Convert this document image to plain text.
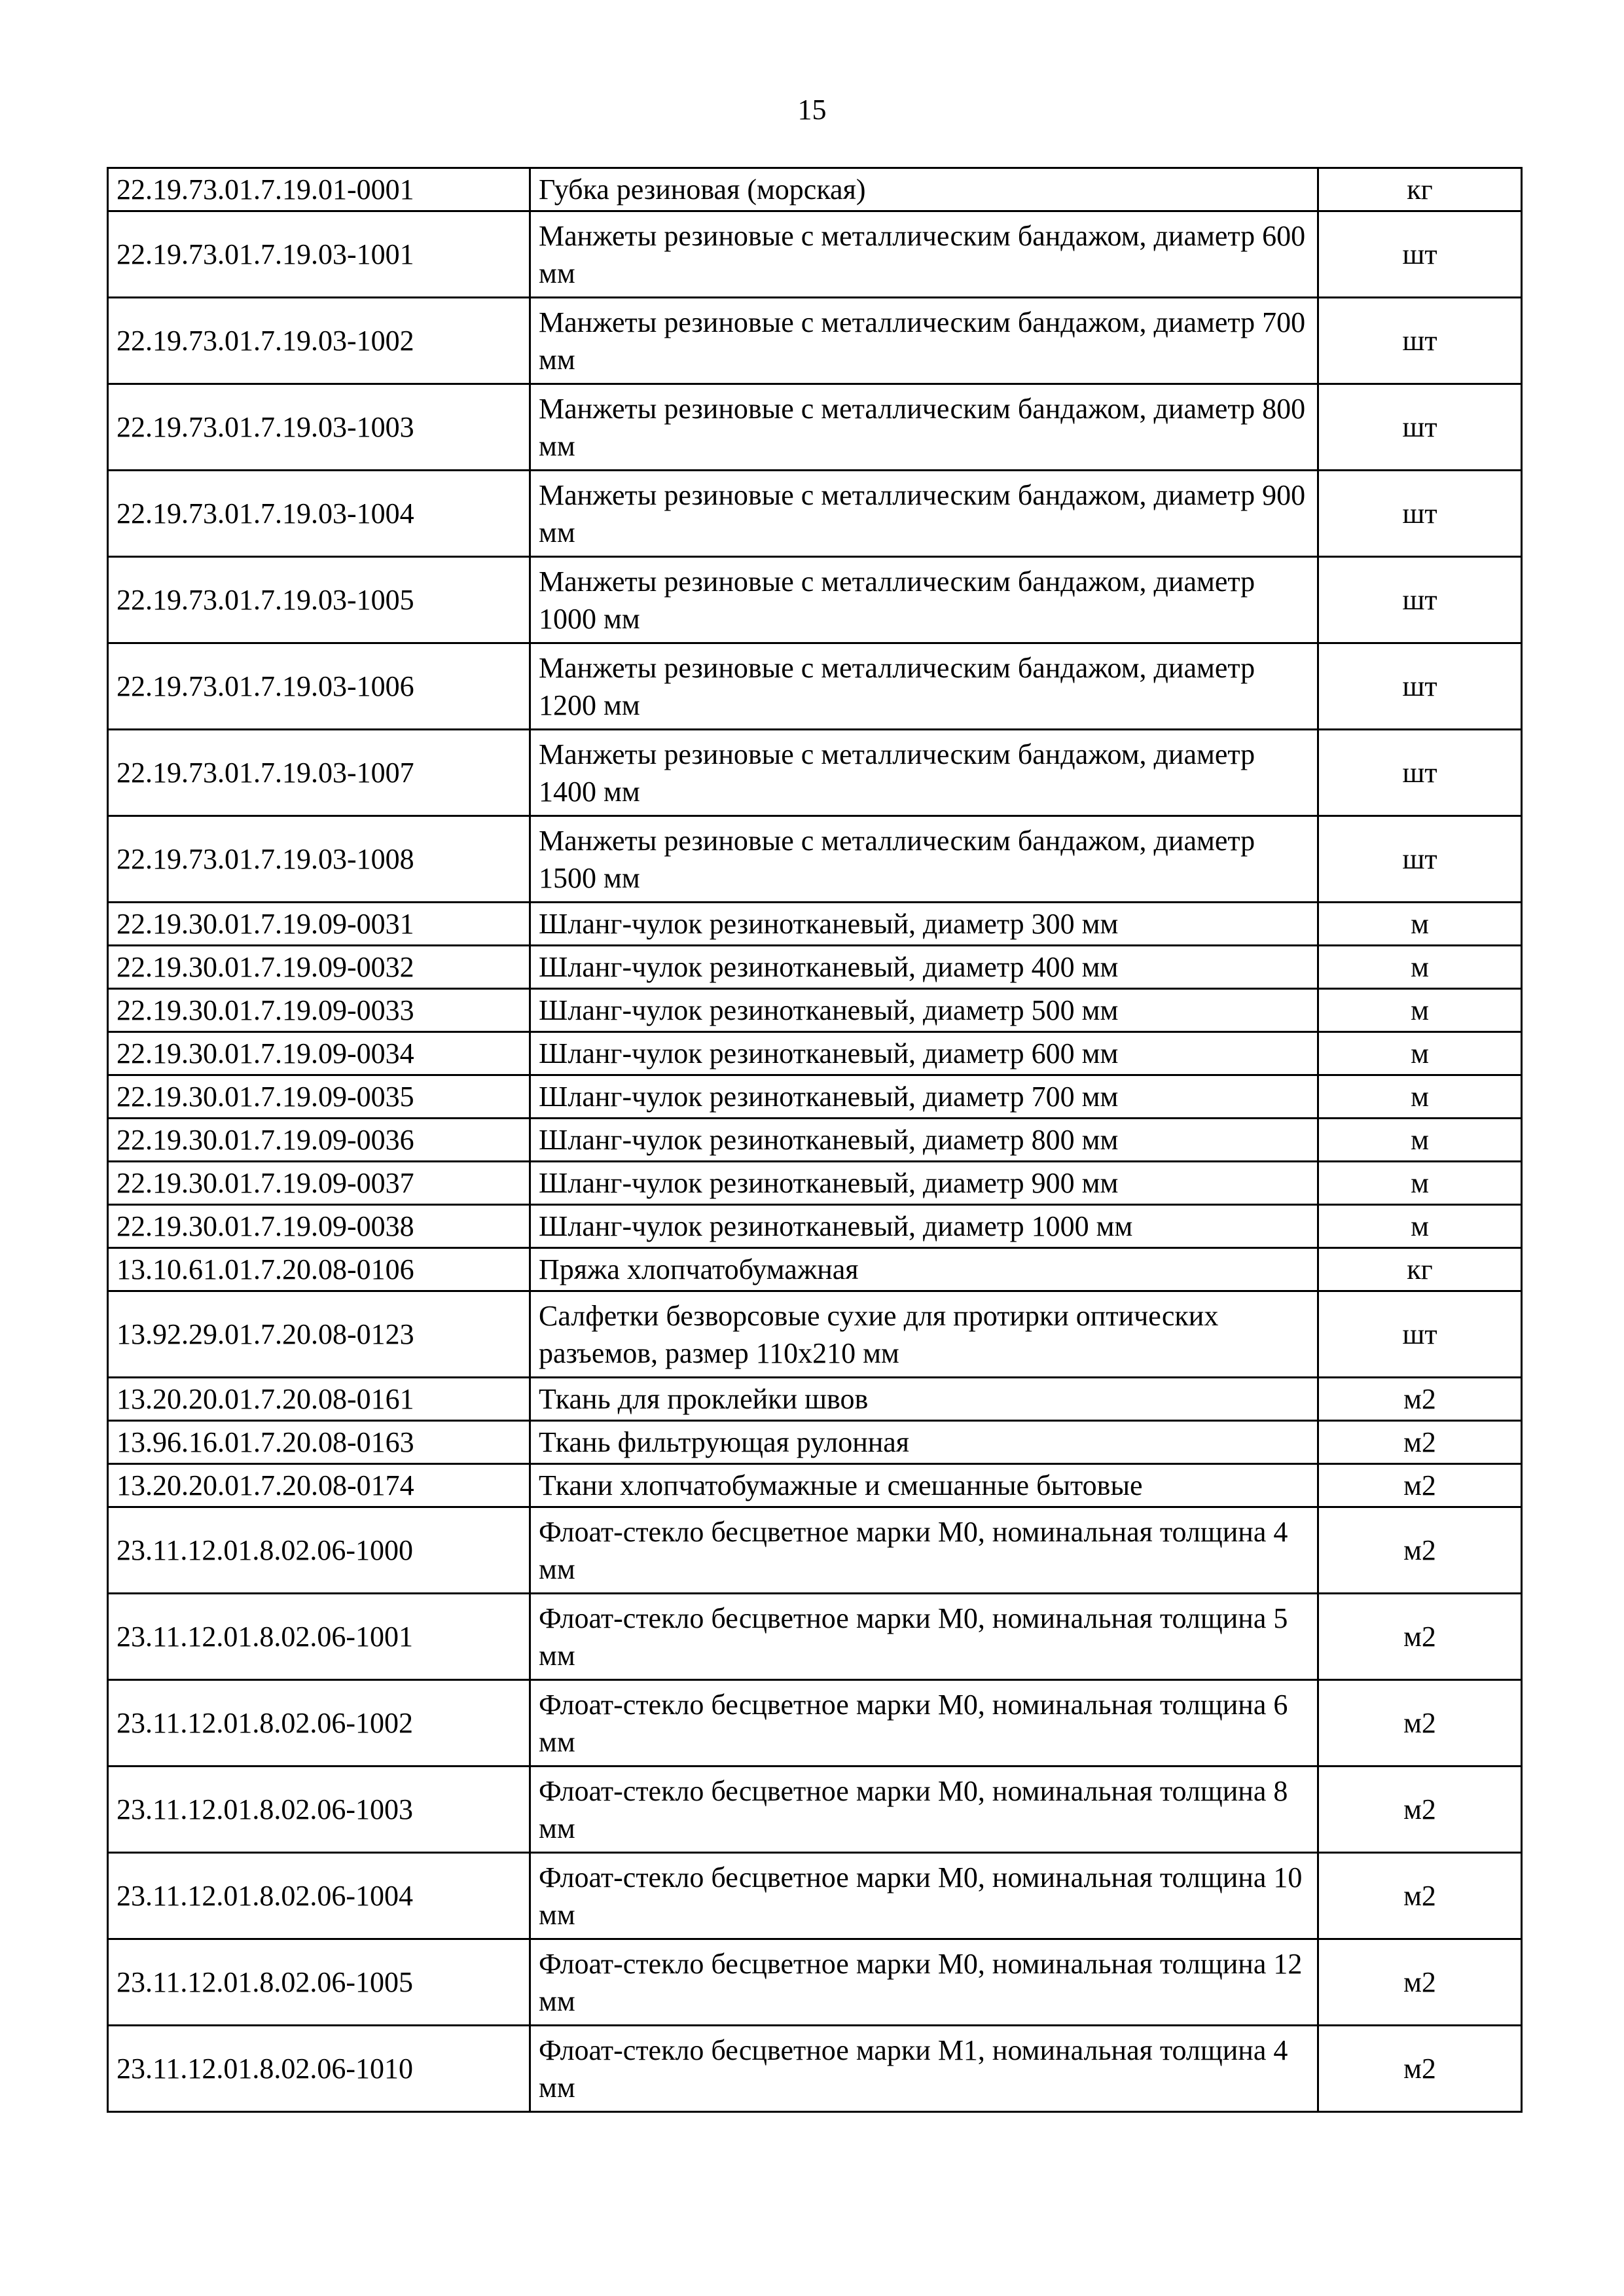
15
22.19.73.01.7.19.01-0001	Губка резиновая (морская)	кг
22.19.73.01.7.19.03-1001	Манжеты резиновые с металлическим бандажом, диаметр 600 мм	шт
22.19.73.01.7.19.03-1002	Манжеты резиновые с металлическим бандажом, диаметр 700 мм	шт
22.19.73.01.7.19.03-1003	Манжеты резиновые с металлическим бандажом, диаметр 800 мм	шт
22.19.73.01.7.19.03-1004	Манжеты резиновые с металлическим бандажом, диаметр 900 мм	шт
22.19.73.01.7.19.03-1005	Манжеты резиновые с металлическим бандажом, диаметр 1000 мм	шт
22.19.73.01.7.19.03-1006	Манжеты резиновые с металлическим бандажом, диаметр 1200 мм	шт
22.19.73.01.7.19.03-1007	Манжеты резиновые с металлическим бандажом, диаметр 1400 мм	шт
22.19.73.01.7.19.03-1008	Манжеты резиновые с металлическим бандажом, диаметр 1500 мм	шт
22.19.30.01.7.19.09-0031	Шланг-чулок резинотканевый, диаметр 300 мм	м
22.19.30.01.7.19.09-0032	Шланг-чулок резинотканевый, диаметр 400 мм	м
22.19.30.01.7.19.09-0033	Шланг-чулок резинотканевый, диаметр 500 мм	м
22.19.30.01.7.19.09-0034	Шланг-чулок резинотканевый, диаметр 600 мм	м
22.19.30.01.7.19.09-0035	Шланг-чулок резинотканевый, диаметр 700 мм	м
22.19.30.01.7.19.09-0036	Шланг-чулок резинотканевый, диаметр 800 мм	м
22.19.30.01.7.19.09-0037	Шланг-чулок резинотканевый, диаметр 900 мм	м
22.19.30.01.7.19.09-0038	Шланг-чулок резинотканевый, диаметр 1000 мм	м
13.10.61.01.7.20.08-0106	Пряжа хлопчатобумажная	кг
13.92.29.01.7.20.08-0123	Салфетки безворсовые сухие для протирки оптических разъемов, размер 110х210 мм	шт
13.20.20.01.7.20.08-0161	Ткань для проклейки швов	м2
13.96.16.01.7.20.08-0163	Ткань фильтрующая рулонная	м2
13.20.20.01.7.20.08-0174	Ткани хлопчатобумажные и смешанные бытовые	м2
23.11.12.01.8.02.06-1000	Флоат-стекло бесцветное марки М0, номинальная толщина 4 мм	м2
23.11.12.01.8.02.06-1001	Флоат-стекло бесцветное марки М0, номинальная толщина 5 мм	м2
23.11.12.01.8.02.06-1002	Флоат-стекло бесцветное марки М0, номинальная толщина 6 мм	м2
23.11.12.01.8.02.06-1003	Флоат-стекло бесцветное марки М0, номинальная толщина 8 мм	м2
23.11.12.01.8.02.06-1004	Флоат-стекло бесцветное марки М0, номинальная толщина 10 мм	м2
23.11.12.01.8.02.06-1005	Флоат-стекло бесцветное марки М0, номинальная толщина 12 мм	м2
23.11.12.01.8.02.06-1010	Флоат-стекло бесцветное марки М1, номинальная толщина 4 мм	м2
